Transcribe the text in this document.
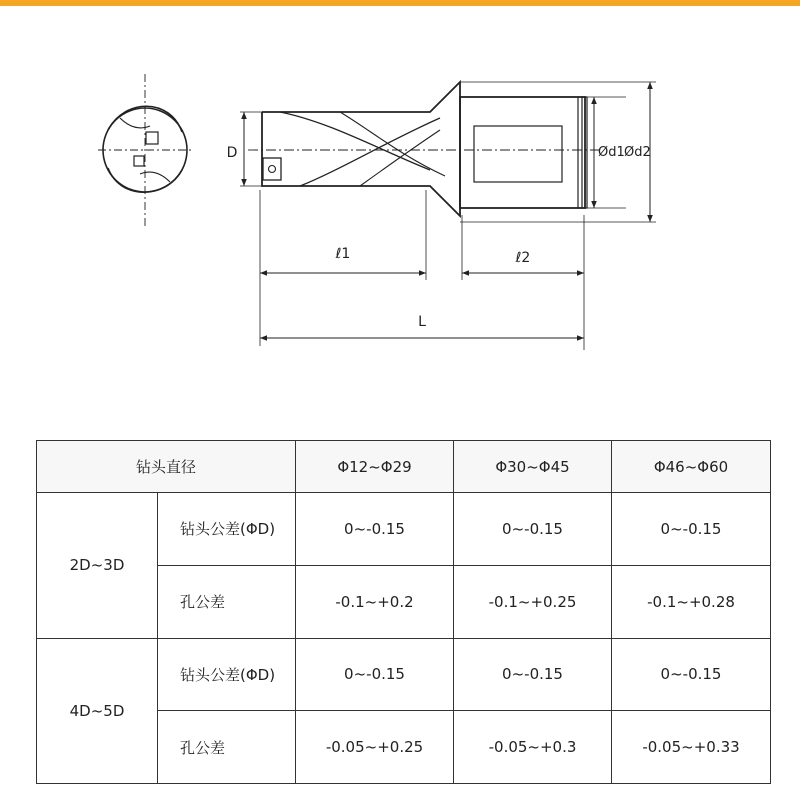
D	Ød1 Ød2
ℓ1	ℓ2
L
钻头直径		Φ12~Φ29	Φ30~Φ45	Φ46~Φ60
2D~3D	钻头公差(ΦD)	0~-0.15	0~-0.15	0~-0.15
	孔公差	-0.1~+0.2	-0.1~+0.25	-0.1~+0.28
4D~5D	钻头公差(ΦD)	0~-0.15	0~-0.15	0~-0.15
	孔公差	-0.05~+0.25	-0.05~+0.3	-0.05~+0.33
